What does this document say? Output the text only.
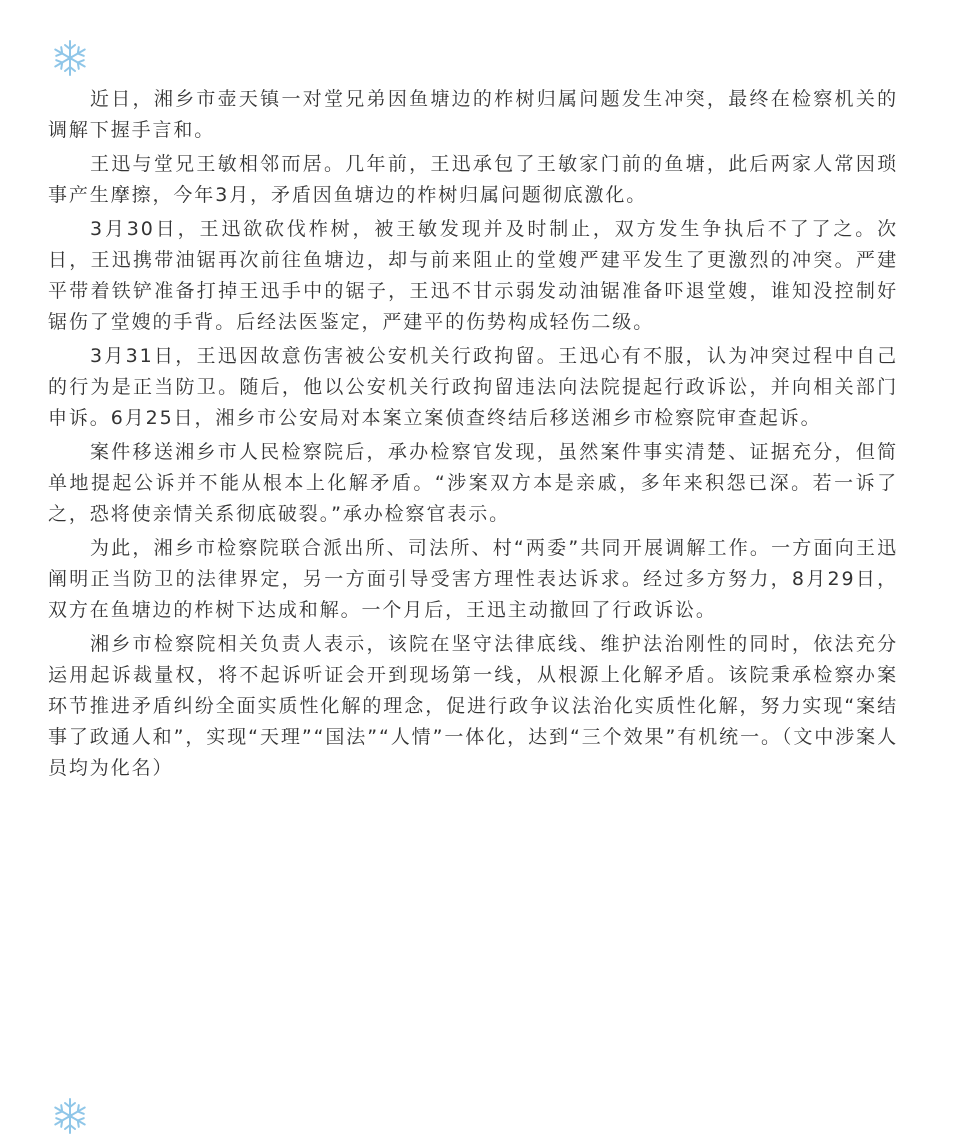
近日，湘乡市壶天镇一对堂兄弟因鱼塘边的柞树归属问题发生冲突，最终在检察机关的调解下握手言和。

王迅与堂兄王敏相邻而居。几年前，王迅承包了王敏家门前的鱼塘，此后两家人常因琐事产生摩擦，今年3月，矛盾因鱼塘边的柞树归属问题彻底激化。

3月30日，王迅欲砍伐柞树，被王敏发现并及时制止，双方发生争执后不了了之。次日，王迅携带油锯再次前往鱼塘边，却与前来阻止的堂嫂严建平发生了更激烈的冲突。严建平带着铁铲准备打掉王迅手中的锯子，王迅不甘示弱发动油锯准备吓退堂嫂，谁知没控制好锯伤了堂嫂的手背。后经法医鉴定，严建平的伤势构成轻伤二级。

3月31日，王迅因故意伤害被公安机关行政拘留。王迅心有不服，认为冲突过程中自己的行为是正当防卫。随后，他以公安机关行政拘留违法向法院提起行政诉讼，并向相关部门申诉。6月25日，湘乡市公安局对本案立案侦查终结后移送湘乡市检察院审查起诉。

案件移送湘乡市人民检察院后，承办检察官发现，虽然案件事实清楚、证据充分，但简单地提起公诉并不能从根本上化解矛盾。“涉案双方本是亲戚，多年来积怨已深。若一诉了之，恐将使亲情关系彻底破裂。”承办检察官表示。

为此，湘乡市检察院联合派出所、司法所、村“两委”共同开展调解工作。一方面向王迅阐明正当防卫的法律界定，另一方面引导受害方理性表达诉求。经过多方努力，8月29日，双方在鱼塘边的柞树下达成和解。一个月后，王迅主动撤回了行政诉讼。

湘乡市检察院相关负责人表示，该院在坚守法律底线、维护法治刚性的同时，依法充分运用起诉裁量权，将不起诉听证会开到现场第一线，从根源上化解矛盾。该院秉承检察办案环节推进矛盾纠纷全面实质性化解的理念，促进行政争议法治化实质性化解，努力实现“案结事了政通人和”，实现“天理”“国法”“人情”一体化，达到“三个效果”有机统一。（文中涉案人员均为化名）
